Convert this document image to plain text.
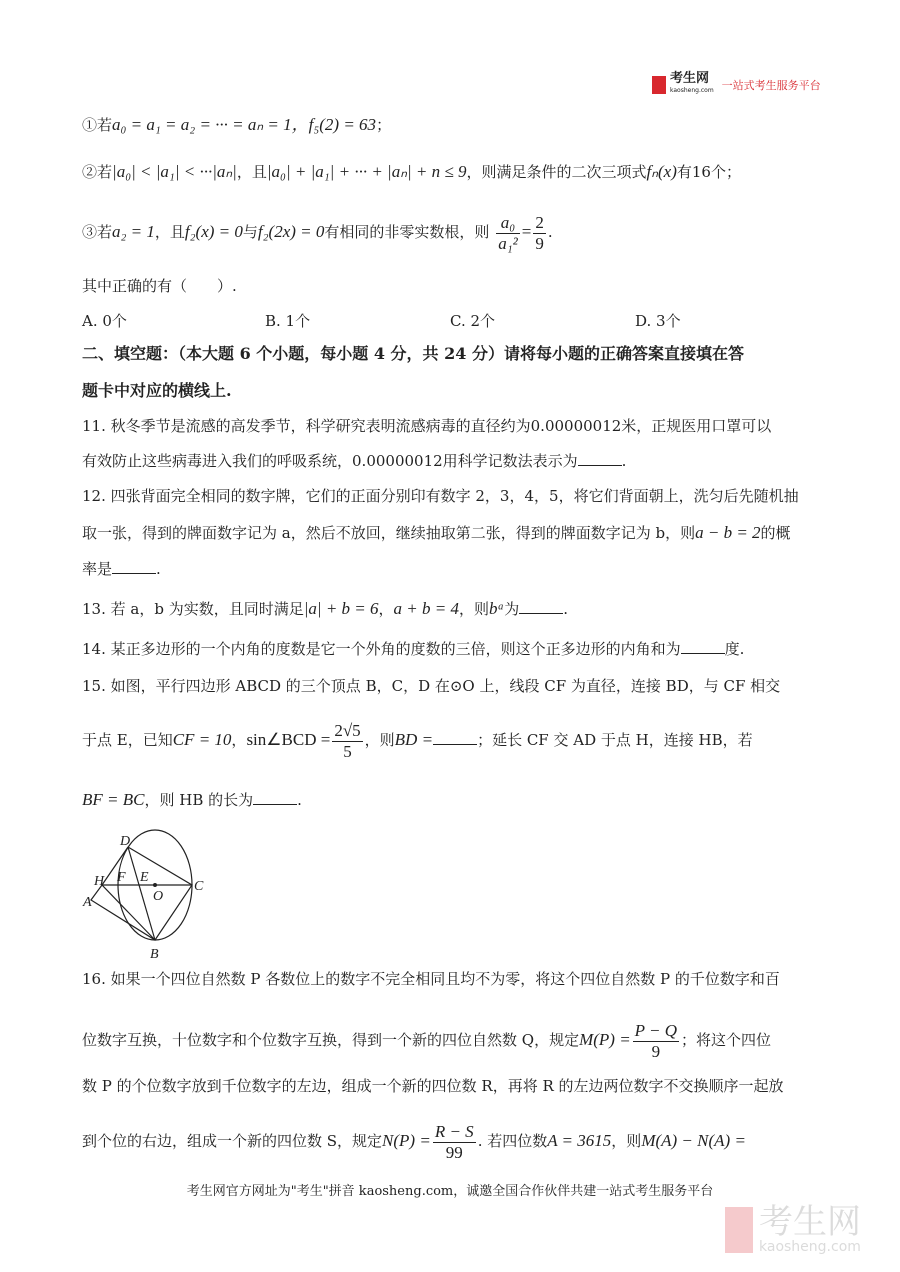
考生网
kaosheng.com 一站式考生服务平台
①若a₀ = a₁ = a₂ = ··· = aₙ = 1，f₅(2) = 63；
②若|a₀| < |a₁| < ···|aₙ|，且|a₀| + |a₁| + ··· + |aₙ| + n ≤ 9，则满足条件的二次三项式fₙ(x)有16个；
③若a₂ = 1，且f₂(x) = 0与f₂(2x) = 0有相同的非零实数根，则 $\frac{\text{a₀}}{\text{a₁²}} = \frac{2}{9}$ .
其中正确的有（　　）.
A. 0个	B. 1个	C. 2个	D. 3个
二、填空题：（本大题 6 个小题，每小题 4 分，共 24 分）请将每小题的正确答案直接填在答
题卡中对应的横线上.
11. 秋冬季节是流感的高发季节，科学研究表明流感病毒的直径约为0.00000012米，正规医用口罩可以
有效防止这些病毒进入我们的呼吸系统，0.00000012用科学记数法表示为	.
12. 四张背面完全相同的数字牌，它们的正面分别印有数字 2，3，4，5，将它们背面朝上，洗匀后先随机抽
取一张，得到的牌面数字记为 a，然后不放回，继续抽取第二张，得到的牌面数字记为 b，则a − b = 2的概
率是	.
13. 若 a，b 为实数，且同时满足|a| + b = 6，a + b = 4，则bᵃ为	.
14. 某正多边形的一个内角的度数是它一个外角的度数的三倍，则这个正多边形的内角和为	度.
15. 如图，平行四边形 ABCD 的三个顶点 B，C，D 在⊙O 上，线段 CF 为直径，连接 BD，与 CF 相交
于点 E，已知CF = 10，sin∠BCD = $\frac{2√5}{5}$ ，则BD =	；延长 CF 交 AD 于点 H，连接 HB，若
BF = BC，则 HB 的长为	.
D
H F E
O
C
A
B
16. 如果一个四位自然数 P 各数位上的数字不完全相同且均不为零，将这个四位自然数 P 的千位数字和百
位数字互换，十位数字和个位数字互换，得到一个新的四位自然数 Q，规定$M(P) = \frac{P - Q}{9}$ ；将这个四位
数 P 的个位数字放到千位数字的左边，组成一个新的四位数 R，再将 R 的左边两位数字不交换顺序一起放
到个位的右边，组成一个新的四位数 S，规定$N(P) = \frac{R - S}{99}$ . 若四位数A = 3615，则M(A) − N(A) =
考生网官方网址为"考生"拼音 kaosheng.com，诚邀全国合作伙伴共建一站式考生服务平台
考生网
kaosheng.com
